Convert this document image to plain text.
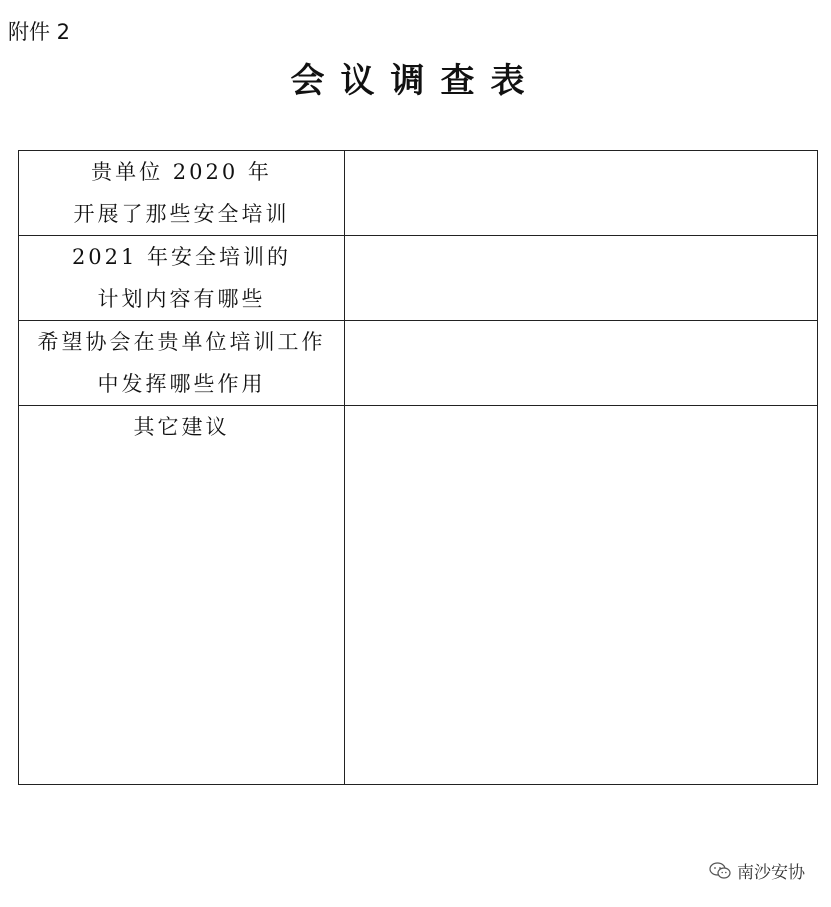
附件 2
会议调查表
贵单位 2020 年
开展了那些安全培训	

2021 年安全培训的
计划内容有哪些	

希望协会在贵单位培训工作
中发挥哪些作用	

其它建议	

南沙安协
